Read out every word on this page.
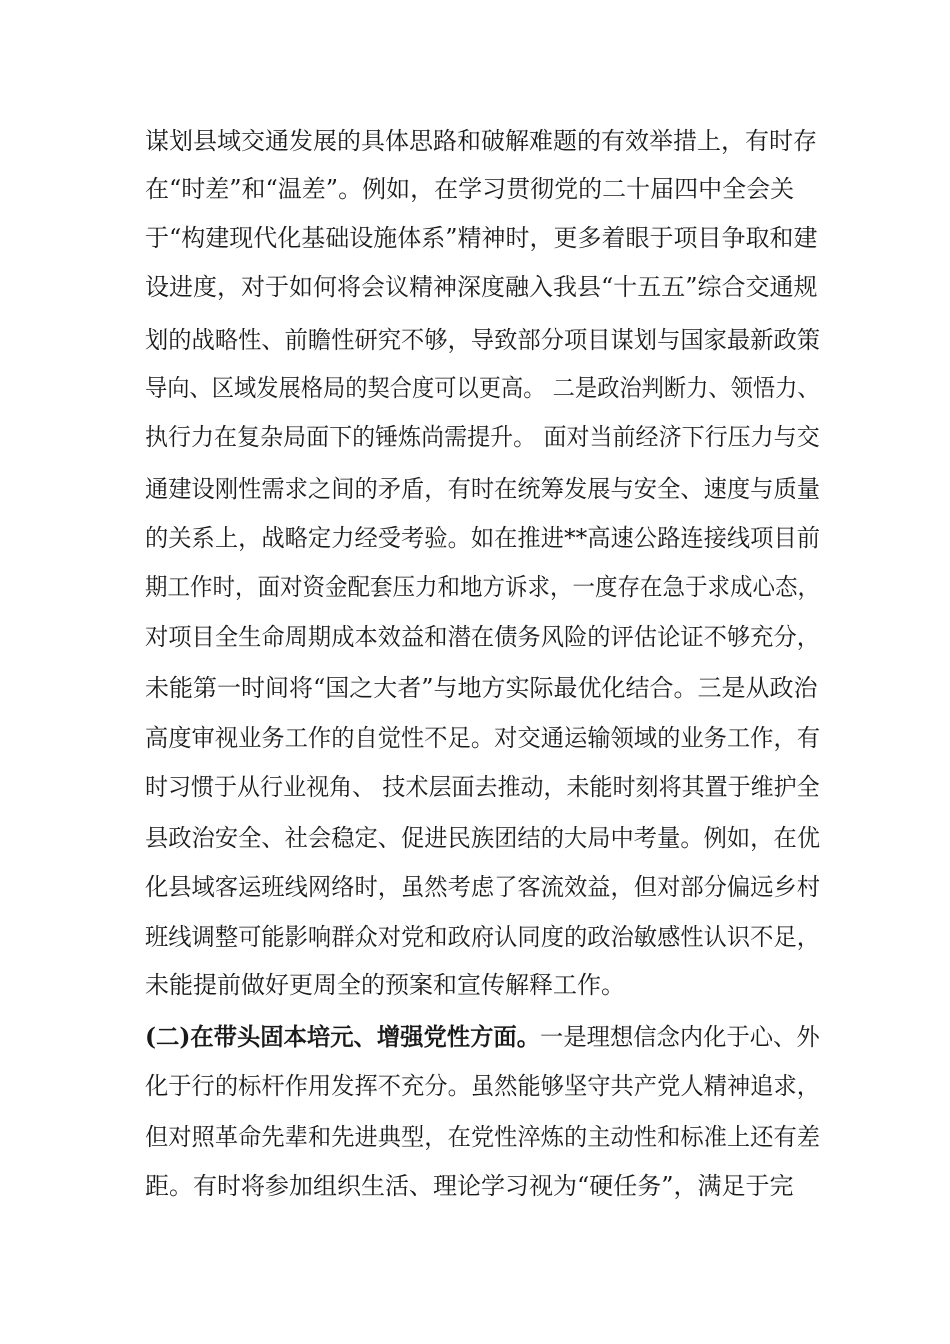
谋划县域交通发展的具体思路和破解难题的有效举措上，有时存
在“时差”和“温差”。例如，在学习贯彻党的二十届四中全会关
于“构建现代化基础设施体系”精神时，更多着眼于项目争取和建
设进度，对于如何将会议精神深度融入我县“十五五”综合交通规
划的战略性、前瞻性研究不够，导致部分项目谋划与国家最新政策
导向、区域发展格局的契合度可以更高。 二是政治判断力、领悟力、
执行力在复杂局面下的锤炼尚需提升。 面对当前经济下行压力与交
通建设刚性需求之间的矛盾，有时在统筹发展与安全、速度与质量
的关系上，战略定力经受考验。如在推进**高速公路连接线项目前
期工作时，面对资金配套压力和地方诉求，一度存在急于求成心态，
对项目全生命周期成本效益和潜在债务风险的评估论证不够充分，
未能第一时间将“国之大者”与地方实际最优化结合。三是从政治
高度审视业务工作的自觉性不足。对交通运输领域的业务工作，有
时习惯于从行业视角、 技术层面去推动，未能时刻将其置于维护全
县政治安全、社会稳定、促进民族团结的大局中考量。例如，在优
化县域客运班线网络时，虽然考虑了客流效益，但对部分偏远乡村
班线调整可能影响群众对党和政府认同度的政治敏感性认识不足，
未能提前做好更周全的预案和宣传解释工作。
(二)在带头固本培元、增强党性方面。一是理想信念内化于心、外
化于行的标杆作用发挥不充分。虽然能够坚守共产党人精神追求，
但对照革命先辈和先进典型，在党性淬炼的主动性和标准上还有差
距。有时将参加组织生活、理论学习视为“硬任务”，满足于完
